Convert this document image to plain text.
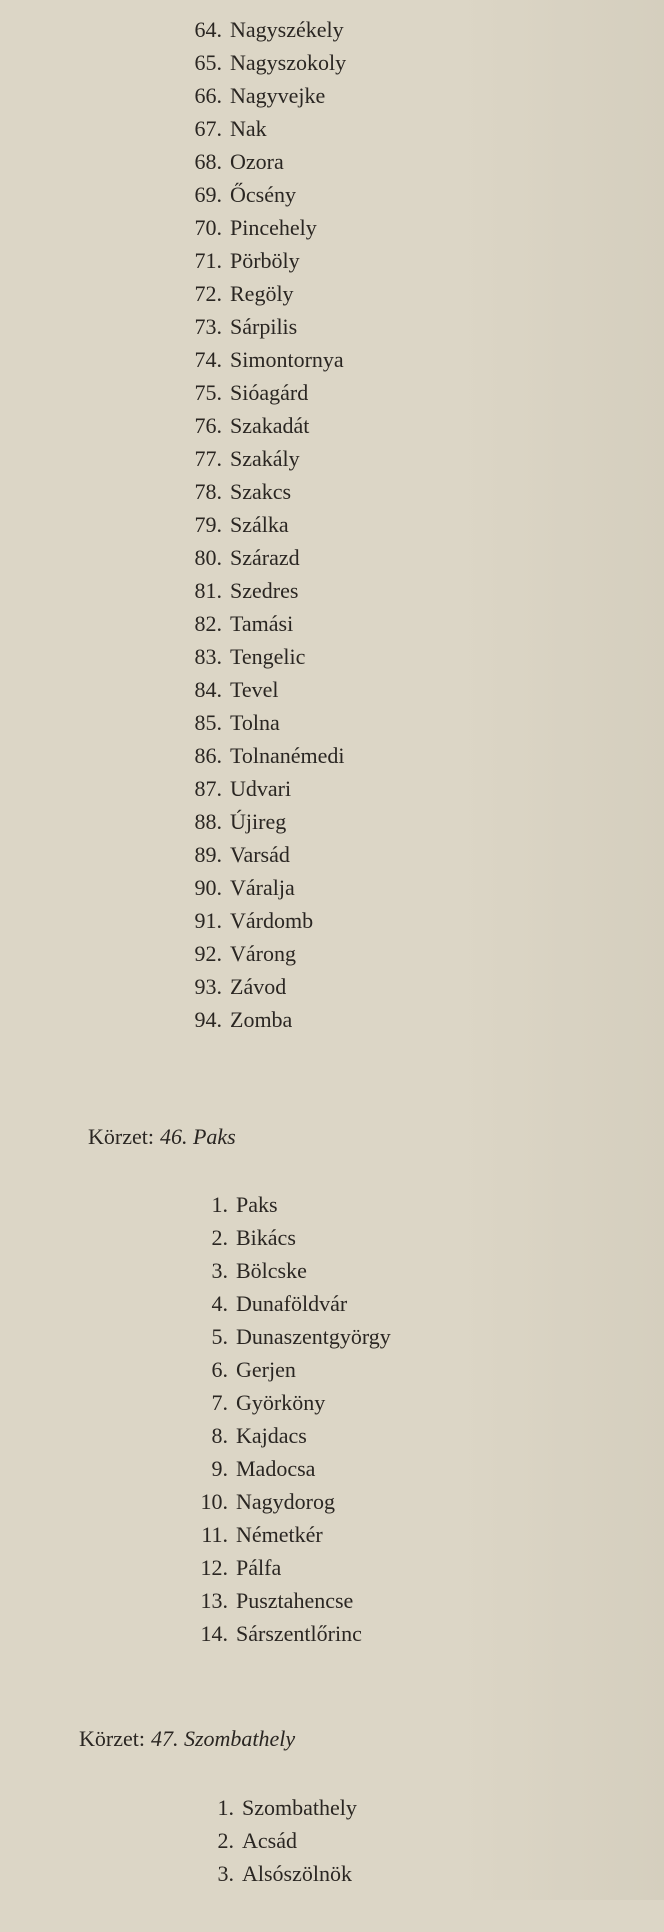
64. Nagyszékely
65. Nagyszokoly
66. Nagyvejke
67. Nak
68. Ozora
69. Őcsény
70. Pincehely
71. Pörböly
72. Regöly
73. Sárpilis
74. Simontornya
75. Sióagárd
76. Szakadát
77. Szakály
78. Szakcs
79. Szálka
80. Szárazd
81. Szedres
82. Tamási
83. Tengelic
84. Tevel
85. Tolna
86. Tolnanémedi
87. Udvari
88. Újireg
89. Varsád
90. Váralja
91. Várdomb
92. Várong
93. Závod
94. Zomba
Körzet: 46. Paks
1. Paks
2. Bikács
3. Bölcske
4. Dunaföldvár
5. Dunaszentgyörgy
6. Gerjen
7. Györköny
8. Kajdacs
9. Madocsa
10. Nagydorog
11. Németkér
12. Pálfa
13. Pusztahencse
14. Sárszentlőrinc
Körzet: 47. Szombathely
1. Szombathely
2. Acsád
3. Alsószölnök
